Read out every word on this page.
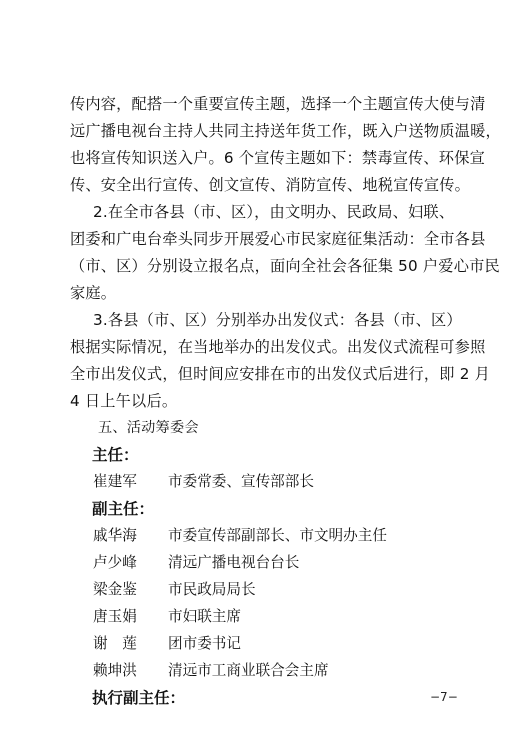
传内容，配搭一个重要宣传主题，选择一个主题宣传大使与清
远广播电视台主持人共同主持送年货工作，既入户送物质温暖，
也将宣传知识送入户。6 个宣传主题如下：禁毒宣传、环保宣
传、安全出行宣传、创文宣传、消防宣传、地税宣传宣传。
2.在全市各县（市、区），由文明办、民政局、妇联、
团委和广电台牵头同步开展爱心市民家庭征集活动：全市各县
（市、区）分别设立报名点，面向全社会各征集 50 户爱心市民
家庭。
3.各县（市、区）分别举办出发仪式：各县（市、区）
根据实际情况，在当地举办的出发仪式。出发仪式流程可参照
全市出发仪式，但时间应安排在市的出发仪式后进行，即 2 月
4 日上午以后。
五、活动筹委会
主任：
崔建军 市委常委、宣传部部长
副主任：
戚华海 市委宣传部副部长、市文明办主任
卢少峰 清远广播电视台台长
梁金鉴 市民政局局长
唐玉娟 市妇联主席
谢　莲 团市委书记
赖坤洪 清远市工商业联合会主席
执行副主任：	−7−
